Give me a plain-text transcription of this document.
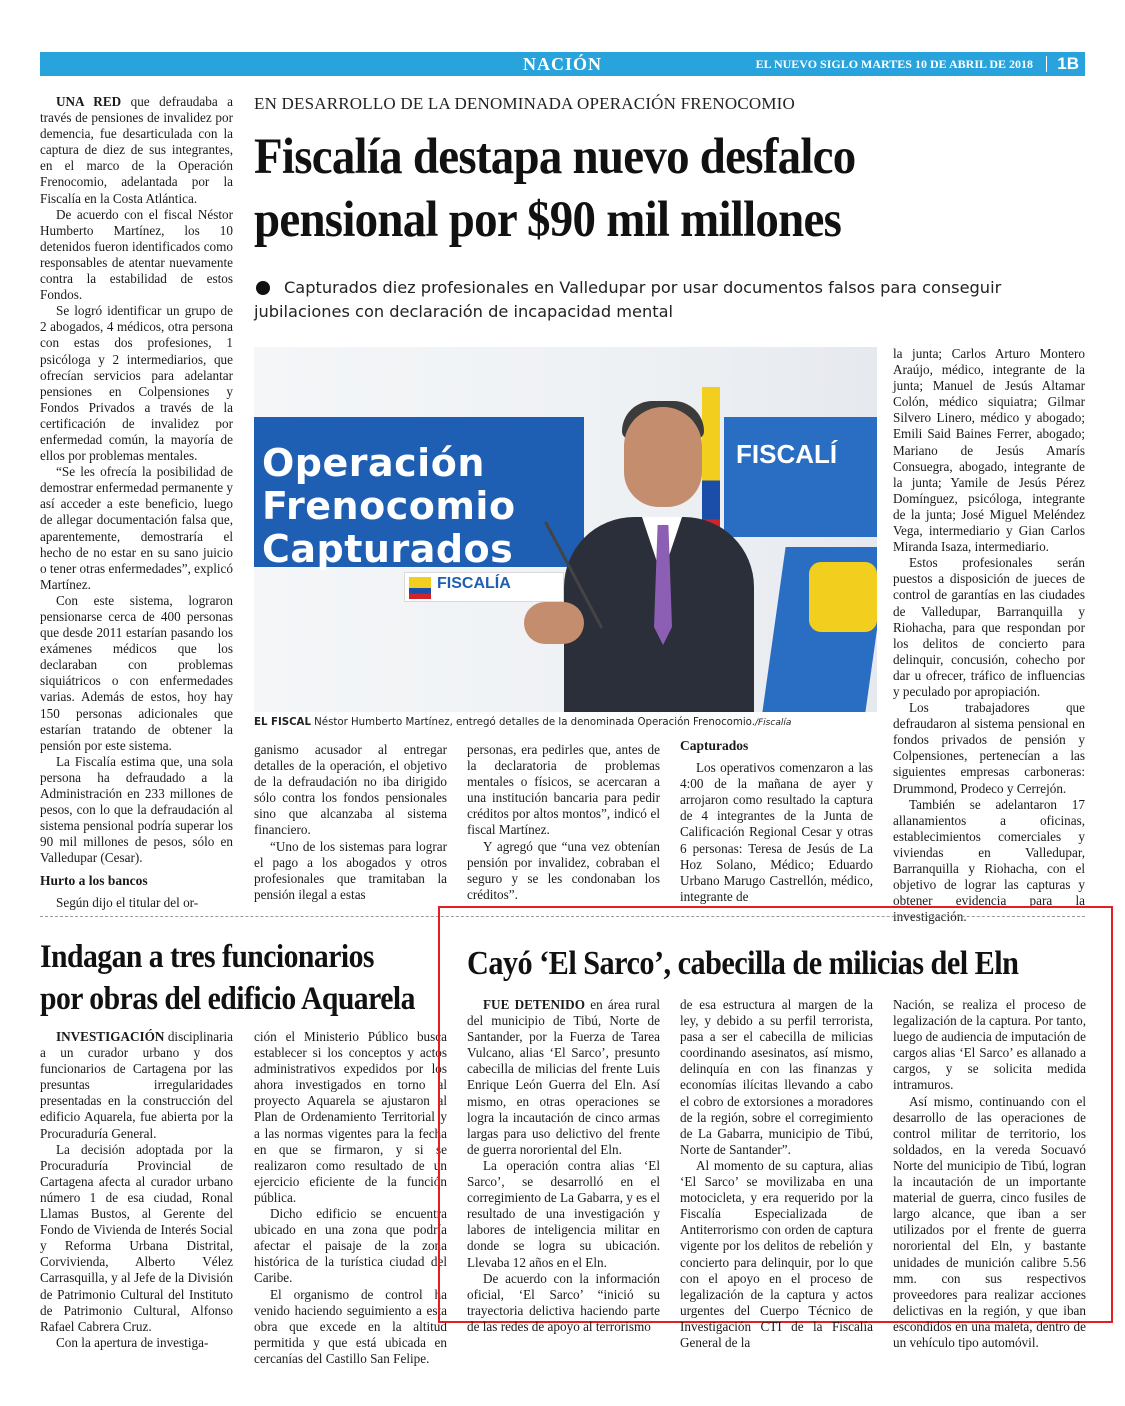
NACIÓN	EL NUEVO SIGLO MARTES 10 DE ABRIL DE 2018 1B
EN DESARROLLO DE LA DENOMINADA OPERACIÓN FRENOCOMIO
Fiscalía destapa nuevo desfalco pensional por $90 mil millones
Capturados diez profesionales en Valledupar por usar documentos falsos para conseguir jubilaciones con declaración de incapacidad mental

UNA RED que defraudaba a través de pensiones de invalidez por demencia, fue desarticulada con la captura de diez de sus integrantes, en el marco de la Operación Frenocomio, adelantada por la Fiscalía en la Costa Atlántica.

De acuerdo con el fiscal Néstor Humberto Martínez, los 10 detenidos fueron identificados como responsables de atentar nuevamente contra la estabilidad de estos Fondos.

Se logró identificar un grupo de 2 abogados, 4 médicos, otra persona con estas dos profesiones, 1 psicóloga y 2 intermediarios, que ofrecían servicios para adelantar pensiones en Colpensiones y Fondos Privados a través de la certificación de invalidez por enfermedad común, la mayoría de ellos por problemas mentales.

“Se les ofrecía la posibilidad de demostrar enfermedad permanente y así acceder a este beneficio, luego de allegar documentación falsa que, aparentemente, demostraría el hecho de no estar en su sano juicio o tener otras enfermedades”, explicó Martínez.

Con este sistema, lograron pensionarse cerca de 400 personas que desde 2011 estarían pasando los exámenes médicos que los declaraban con problemas siquiátricos o con enfermedades varias. Además de estos, hoy hay 150 personas adicionales que estarían tratando de obtener la pensión por este sistema.

La Fiscalía estima que, una sola persona ha defraudado a la Administración en 233 millones de pesos, con lo que la defraudación al sistema pensional podría superar los 90 mil millones de pesos, sólo en Valledupar (Cesar).

Hurto a los bancos

Según dijo el titular del or-

Operación Frenocomio Capturados
FISCALÍA
FISCALÍ
EL FISCAL Néstor Humberto Martínez, entregó detalles de la denominada Operación Frenocomio./Fiscalía

ganismo acusador al entregar detalles de la operación, el objetivo de la defraudación no iba dirigido sólo contra los fondos pensionales sino que alcanzaba al sistema financiero.

“Uno de los sistemas para lograr el pago a los abogados y otros profesionales que tramitaban la pensión ilegal a estas

personas, era pedirles que, antes de la declaratoria de problemas mentales o físicos, se acercaran a una institución bancaria para pedir créditos por altos montos”, indicó el fiscal Martínez.

Y agregó que “una vez obtenían pensión por invalidez, cobraban el seguro y se les condonaban los créditos”.

Capturados

Los operativos comenzaron a las 4:00 de la mañana de ayer y arrojaron como resultado la captura de 4 integrantes de la Junta de Calificación Regional Cesar y otras 6 personas: Teresa de Jesús de La Hoz Solano, Médico; Eduardo Urbano Marugo Castrellón, médico, integrante de

la junta; Carlos Arturo Montero Araújo, médico, integrante de la junta; Manuel de Jesús Altamar Colón, médico siquiatra; Gilmar Silvero Linero, médico y abogado; Emili Said Baines Ferrer, abogado; Mariano de Jesús Amarís Consuegra, abogado, integrante de la junta; Yamile de Jesús Pérez Domínguez, psicóloga, integrante de la junta; José Miguel Meléndez Vega, intermediario y Gian Carlos Miranda Isaza, intermediario.

Estos profesionales serán puestos a disposición de jueces de control de garantías en las ciudades de Valledupar, Barranquilla y Riohacha, para que respondan por los delitos de concierto para delinquir, concusión, cohecho por dar u ofrecer, tráfico de influencias y peculado por apropiación.

Los trabajadores que defraudaron al sistema pensional en fondos privados de pensión y Colpensiones, pertenecían a las siguientes empresas carboneras: Drummond, Prodeco y Cerrejón.

También se adelantaron 17 allanamientos a oficinas, establecimientos comerciales y viviendas en Valledupar, Barranquilla y Riohacha, con el objetivo de lograr las capturas y obtener evidencia para la investigación.

Indagan a tres funcionarios por obras del edificio Aquarela

INVESTIGACIÓN disciplinaria a un curador urbano y dos funcionarios de Cartagena por las presuntas irregularidades presentadas en la construcción del edificio Aquarela, fue abierta por la Procuraduría General.

La decisión adoptada por la Procuraduría Provincial de Cartagena afecta al curador urbano número 1 de esa ciudad, Ronal Llamas Bustos, al Gerente del Fondo de Vivienda de Interés Social y Reforma Urbana Distrital, Corvivienda, Alberto Vélez Carrasquilla, y al Jefe de la División de Patrimonio Cultural del Instituto de Patrimonio Cultural, Alfonso Rafael Cabrera Cruz.

Con la apertura de investiga-

ción el Ministerio Público busca establecer si los conceptos y actos administrativos expedidos por los ahora investigados en torno al proyecto Aquarela se ajustaron al Plan de Ordenamiento Territorial y a las normas vigentes para la fecha en que se firmaron, y si se realizaron como resultado de un ejercicio eficiente de la función pública.

Dicho edificio se encuentra ubicado en una zona que podría afectar el paisaje de la zona histórica de la turística ciudad del Caribe.

El organismo de control ha venido haciendo seguimiento a esta obra que excede en la altitud permitida y que está ubicada en cercanías del Castillo San Felipe.

Cayó ‘El Sarco’, cabecilla de milicias del Eln

FUE DETENIDO en área rural del municipio de Tibú, Norte de Santander, por la Fuerza de Tarea Vulcano, alias ‘El Sarco’, presunto cabecilla de milicias del frente Luis Enrique León Guerra del Eln. Así mismo, en otras operaciones se logra la incautación de cinco armas largas para uso delictivo del frente de guerra nororiental del Eln.

La operación contra alias ‘El Sarco’, se desarrolló en el corregimiento de La Gabarra, y es el resultado de una investigación y labores de inteligencia militar en donde se logra su ubicación. Llevaba 12 años en el Eln.

De acuerdo con la información oficial, ‘El Sarco’ “inició su trayectoria delictiva haciendo parte de las redes de apoyo al terrorismo

de esa estructura al margen de la ley, y debido a su perfil terrorista, pasa a ser el cabecilla de milicias coordinando asesinatos, así mismo, delinquía en con las finanzas y economías ilícitas llevando a cabo el cobro de extorsiones a moradores de la región, sobre el corregimiento de La Gabarra, municipio de Tibú, Norte de Santander”.

Al momento de su captura, alias ‘El Sarco’ se movilizaba en una motocicleta, y era requerido por la Fiscalía Especializada de Antiterrorismo con orden de captura vigente por los delitos de rebelión y concierto para delinquir, por lo que con el apoyo en el proceso de legalización de la captura y actos urgentes del Cuerpo Técnico de Investigación CTI de la Fiscalía General de la

Nación, se realiza el proceso de legalización de la captura. Por tanto, luego de audiencia de imputación de cargos alias ‘El Sarco’ es allanado a cargos, y se solicita medida intramuros.

Así mismo, continuando con el desarrollo de las operaciones de control militar de territorio, los soldados, en la vereda Socuavó Norte del municipio de Tibú, logran la incautación de un importante material de guerra, cinco fusiles de largo alcance, que iban a ser utilizados por el frente de guerra nororiental del Eln, y bastante unidades de munición calibre 5.56 mm. con sus respectivos proveedores para realizar acciones delictivas en la región, y que iban escondidos en una maleta, dentro de un vehículo tipo automóvil.
